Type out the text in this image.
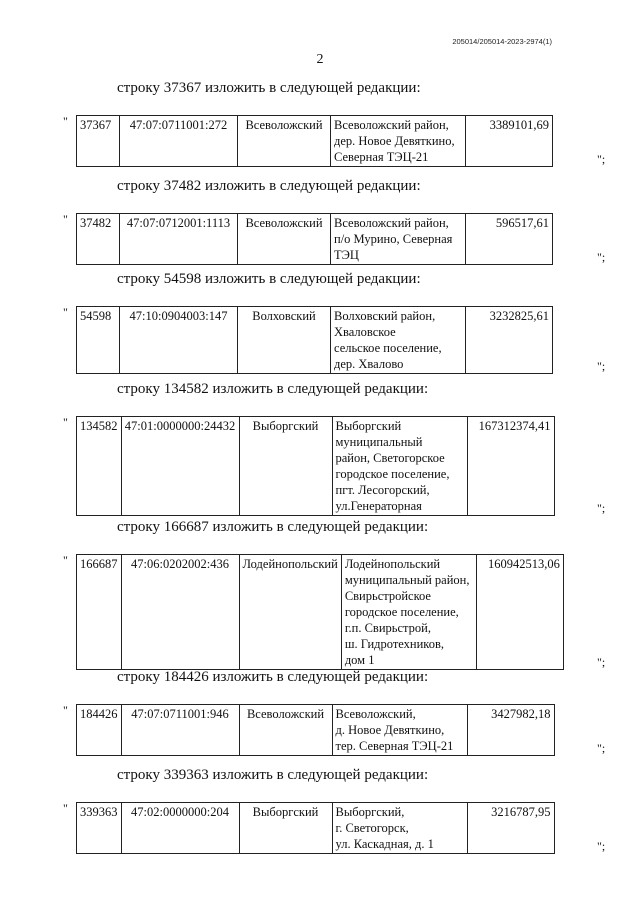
205014/205014-2023-2974(1)
2
строку 37367 изложить в следующей редакции:
" 37367	47:07:0711001:272	Всеволожский	Всеволожский район,
дер. Новое Девяткино,
Северная ТЭЦ-21
	3389101,69
";
строку 37482 изложить в следующей редакции:
" 37482	47:07:0712001:1113	Всеволожский	Всеволожский район,
п/о Мурино, Северная
ТЭЦ
	596517,61
";
строку 54598 изложить в следующей редакции:
" 54598	47:10:0904003:147	Волховский	Волховский район,
Хваловское
сельское поселение,
дер. Хвалово
	3232825,61
";
строку 134582 изложить в следующей редакции:
" 134582	47:01:0000000:24432	Выборгский	Выборгский
муниципальный
район, Светогорское
городское поселение,
пгт. Лесогорский,
ул.Генераторная
	167312374,41
";
строку 166687 изложить в следующей редакции:
" 166687	47:06:0202002:436	Лодейнопольский	Лодейнопольский
муниципальный район,
Свирьстройское
городское поселение,
г.п. Свирьстрой,
ш. Гидротехников,
дом 1
	160942513,06
";
строку 184426 изложить в следующей редакции:
" 184426	47:07:0711001:946	Всеволожский	Всеволожский,
д. Новое Девяткино,
тер. Северная ТЭЦ-21
	3427982,18
";
строку 339363 изложить в следующей редакции:
" 339363	47:02:0000000:204	Выборгский	Выборгский,
г. Светогорск,
ул. Каскадная, д. 1
	3216787,95
";
